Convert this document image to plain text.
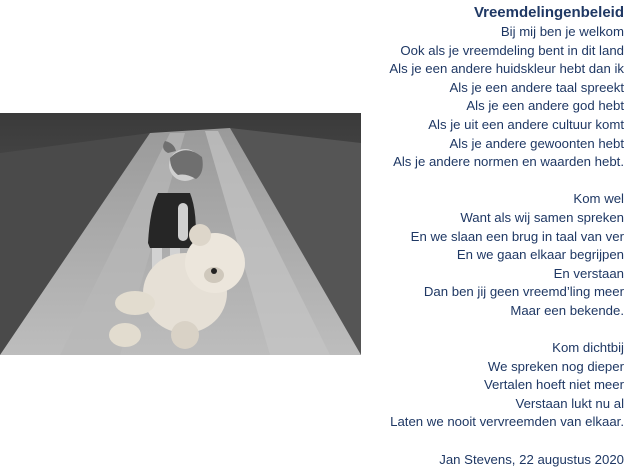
Vreemdelingenbeleid
Bij mij ben je welkom
Ook als je vreemdeling bent in dit land
Als je een andere huidskleur hebt dan ik
Als je een andere taal spreekt
Als je een andere god hebt
Als je uit een andere cultuur komt
Als je andere gewoonten hebt
Als je andere normen en waarden hebt.
Kom wel
Want als wij samen spreken
En we slaan een brug in taal van ver
En we gaan elkaar begrijpen
En verstaan
Dan ben jij geen vreemd’ling meer
Maar een bekende.
Kom dichtbij
We spreken nog dieper
Vertalen hoeft niet meer
Verstaan lukt nu al
Laten we nooit vervreemden van elkaar.
Jan Stevens, 22 augustus 2020
